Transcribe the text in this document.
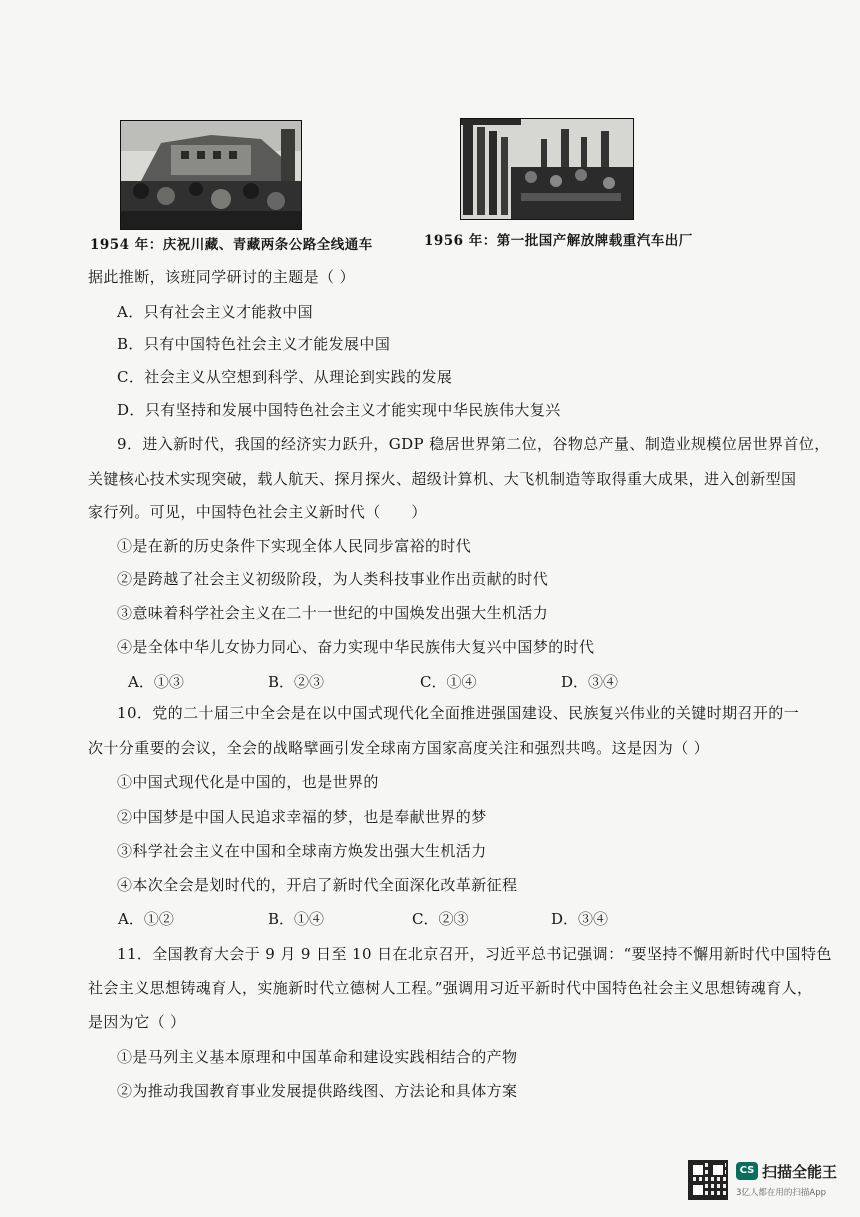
1954 年：庆祝川藏、青藏两条公路全线通车	1956 年：第一批国产解放牌载重汽车出厂
据此推断，该班同学研讨的主题是（ ）
A．只有社会主义才能救中国
B．只有中国特色社会主义才能发展中国
C．社会主义从空想到科学、从理论到实践的发展
D．只有坚持和发展中国特色社会主义才能实现中华民族伟大复兴
9．进入新时代，我国的经济实力跃升，GDP 稳居世界第二位，谷物总产量、制造业规模位居世界首位，
关键核心技术实现突破，载人航天、探月探火、超级计算机、大飞机制造等取得重大成果，进入创新型国
家行列。可见，中国特色社会主义新时代（　　）
①是在新的历史条件下实现全体人民同步富裕的时代
②是跨越了社会主义初级阶段，为人类科技事业作出贡献的时代
③意味着科学社会主义在二十一世纪的中国焕发出强大生机活力
④是全体中华儿女协力同心、奋力实现中华民族伟大复兴中国梦的时代
A．①③	B．②③	C．①④	D．③④
10．党的二十届三中全会是在以中国式现代化全面推进强国建设、民族复兴伟业的关键时期召开的一
次十分重要的会议，全会的战略擘画引发全球南方国家高度关注和强烈共鸣。这是因为（ ）
①中国式现代化是中国的，也是世界的
②中国梦是中国人民追求幸福的梦，也是奉献世界的梦
③科学社会主义在中国和全球南方焕发出强大生机活力
④本次全会是划时代的，开启了新时代全面深化改革新征程
A．①②	B．①④	C．②③	D．③④
11．全国教育大会于 9 月 9 日至 10 日在北京召开，习近平总书记强调：“要坚持不懈用新时代中国特色
社会主义思想铸魂育人，实施新时代立德树人工程。”强调用习近平新时代中国特色社会主义思想铸魂育人，
是因为它（ ）
①是马列主义基本原理和中国革命和建设实践相结合的产物
②为推动我国教育事业发展提供路线图、方法论和具体方案
CS 扫描全能王
3亿人都在用的扫描App
